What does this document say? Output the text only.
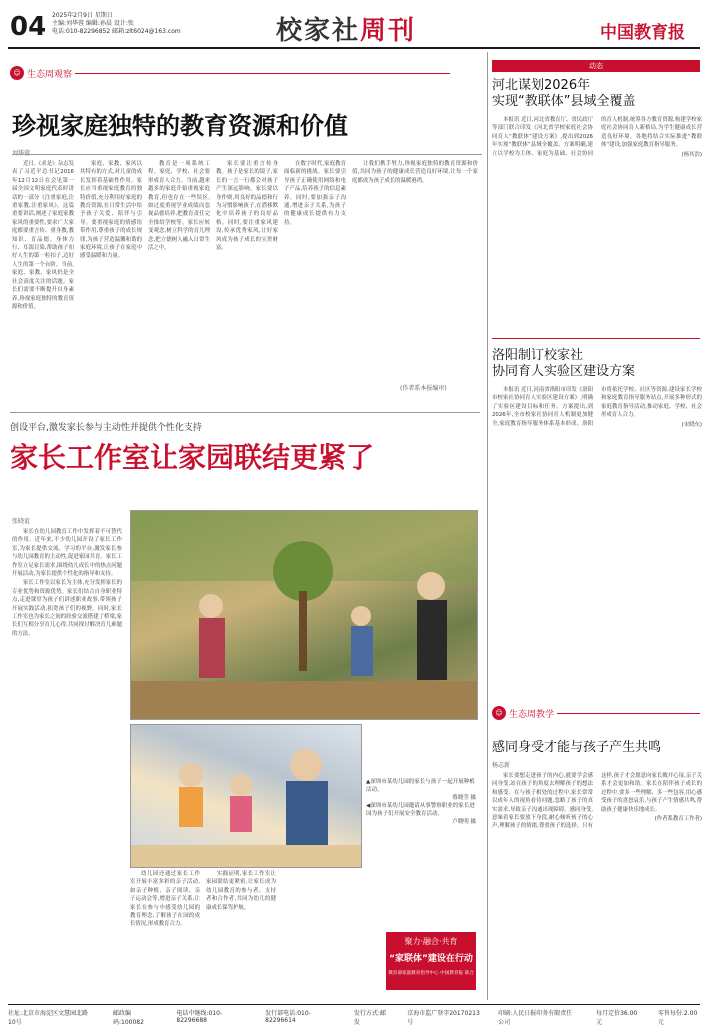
04 2025年2月9日 星期日
主编:刘华蓉 编辑:孙晨 设计:张
电话:010-82296852 邮箱:zlt6024@163.com	校家社周刊	中国教育报
☺ 生态周观察
珍视家庭独特的教育资源和价值

近日,《求是》杂志发表了习近平总书记2016年12月12日在会见第一届全国文明家庭代表时讲话的一部分《注重家庭,注重家教,注重家风》。这篇重要讲话,阐述了家庭家教家风的重要性,要求广大家庭都要重言传、重身教,教知识、育品德。身体力行、耳濡目染,帮助孩子扣好人生的第一粒扣子,迈好人生的第一个台阶。当前,家庭、家教、家风仍是全社会高度关注的话题。家长们需要不断提升自身素养,珍视家庭独特的教育资源和价值。

家庭、家教、家风以其特有的方式,对儿童的成长发挥着基础性作用。家长应当重视家庭教育的独特价值,充分利用好家庭的教育资源,在日常生活中给予孩子关爱、陪伴与引导。要重视家庭的情感纽带作用,尊重孩子的成长规律,为孩子营造温馨和谐的家庭环境,让孩子在家庭中感受温暖和力量。

教育是一项系统工程。家庭、学校、社会要形成育人合力。当前,越来越多的家庭开始重视家庭教育,但也存在一些误区,如过度重视学业成绩而忽视品德培养,把教育责任完全推给学校等。家长应转变观念,树立科学的育儿理念,把立德树人融入日常生活之中。

家长要注重言传身教。孩子是家长的镜子,家长的一言一行都会对孩子产生深远影响。家长要以身作则,用良好的品德和行为习惯影响孩子,在潜移默化中培养孩子的良好品格。同时,要注重家风建设,传承优秀家风,让好家风成为孩子成长的宝贵财富。

在数字时代,家庭教育面临新的挑战。家长要引导孩子正确使用网络和电子产品,培养孩子的信息素养。同时,要加强亲子沟通,增进亲子关系,为孩子的健康成长提供有力支持。

让我们携手努力,珍视家庭独特的教育资源和价值,共同为孩子的健康成长营造良好环境,让每一个家庭都成为孩子成长的温暖港湾。

(作者系本报编审)
创设平台,激发家长参与主动性并提供个性化支持
家长工作室让家园联结更紧了
张晓谊

家长在幼儿园教育工作中发挥着不可替代的作用。近年来,不少幼儿园开设了家长工作室,为家长提供交流、学习的平台,激发家长参与幼儿园教育的主动性,促进家园共育。家长工作室立足家长需求,围绕幼儿成长中的热点问题开展活动,为家长提供个性化的指导和支持。

家长工作室以家长为主体,充分发挥家长的专业优势和资源优势。家长们结合自身职业特点,走进课堂为孩子们讲述职业故事,带领孩子开展实践活动,拓宽孩子们的视野。同时,家长工作室也为家长之间的经验交流搭建了桥梁,家长们互相分享育儿心得,共同探讨解决育儿难题的方法。

▲深圳市某幼儿园的家长与孩子一起开展种植活动。
蔡晓莹 摄
◀深圳市某幼儿园邀请从事警察职业的家长进园为孩子们开展安全教育活动。
卢晓明 摄

幼儿园还通过家长工作室开展丰富多彩的亲子活动,如亲子种植、亲子阅读、亲子运动会等,增进亲子关系,让家长在参与中感受幼儿园的教育理念,了解孩子在园的成长情况,形成教育合力。

实践证明,家长工作室让家园联结更紧密,让家长成为幼儿园教育的参与者、支持者和合作者,共同为幼儿的健康成长保驾护航。

聚力·融合·共育
“家联体”建设在行动
教育部家庭教育指导中心 中国教育报 联合
动态
河北谋划2026年
实现“教联体”县域全覆盖

本报讯 近日,河北省教育厅、省民政厅等部门联合印发《河北省学校家庭社会协同育人“教联体”建设方案》,提出到2026年实现“教联体”县域全覆盖。方案明确,建立以学校为主体、家庭为基础、社会协同的育人机制,统筹各方教育资源,构建学校家庭社会协同育人新格局,为学生健康成长营造良好环境。各地将结合实际推进“教联体”建设,加强家庭教育指导服务。

(杨其浩)

洛阳制订校家社
协同育人实验区建设方案

本报讯 近日,河南省洛阳市印发《洛阳市校家社协同育人实验区建设方案》,明确了实验区建设目标和任务。方案提出,到2026年,全市校家社协同育人机制更加健全,家庭教育指导服务体系基本形成。洛阳市将依托学校、社区等资源,建设家长学校和家庭教育指导服务站点,开展多种形式的家庭教育指导活动,推动家庭、学校、社会形成育人合力。

(宋晓东)

☺ 生态周教学
感同身受才能与孩子产生共鸣
杨志新

家长要想走进孩子的内心,就要学会感同身受,站在孩子的角度去理解孩子的想法和感受。在与孩子相处的过程中,家长常常以成年人的视角看待问题,忽略了孩子的真实需求,导致亲子沟通出现障碍。感同身受,意味着家长要放下身段,耐心倾听孩子的心声,理解孩子的情绪,尊重孩子的选择。只有这样,孩子才会愿意向家长敞开心扉,亲子关系才会更加和谐。家长在陪伴孩子成长的过程中,要多一些理解、多一些包容,用心感受孩子的喜怒哀乐,与孩子产生情感共鸣,帮助孩子健康快乐地成长。

(作者系教育工作者)

社址:北京市海淀区文慧园北路10号
邮政编码:100082
电话中继线:010-82296688
发行部电话:010-82296614
发行方式:邮发
京海市监广登字20170213号
印刷:人民日报印务有限责任公司
每月定价36.00元
零售每份:2.00元
